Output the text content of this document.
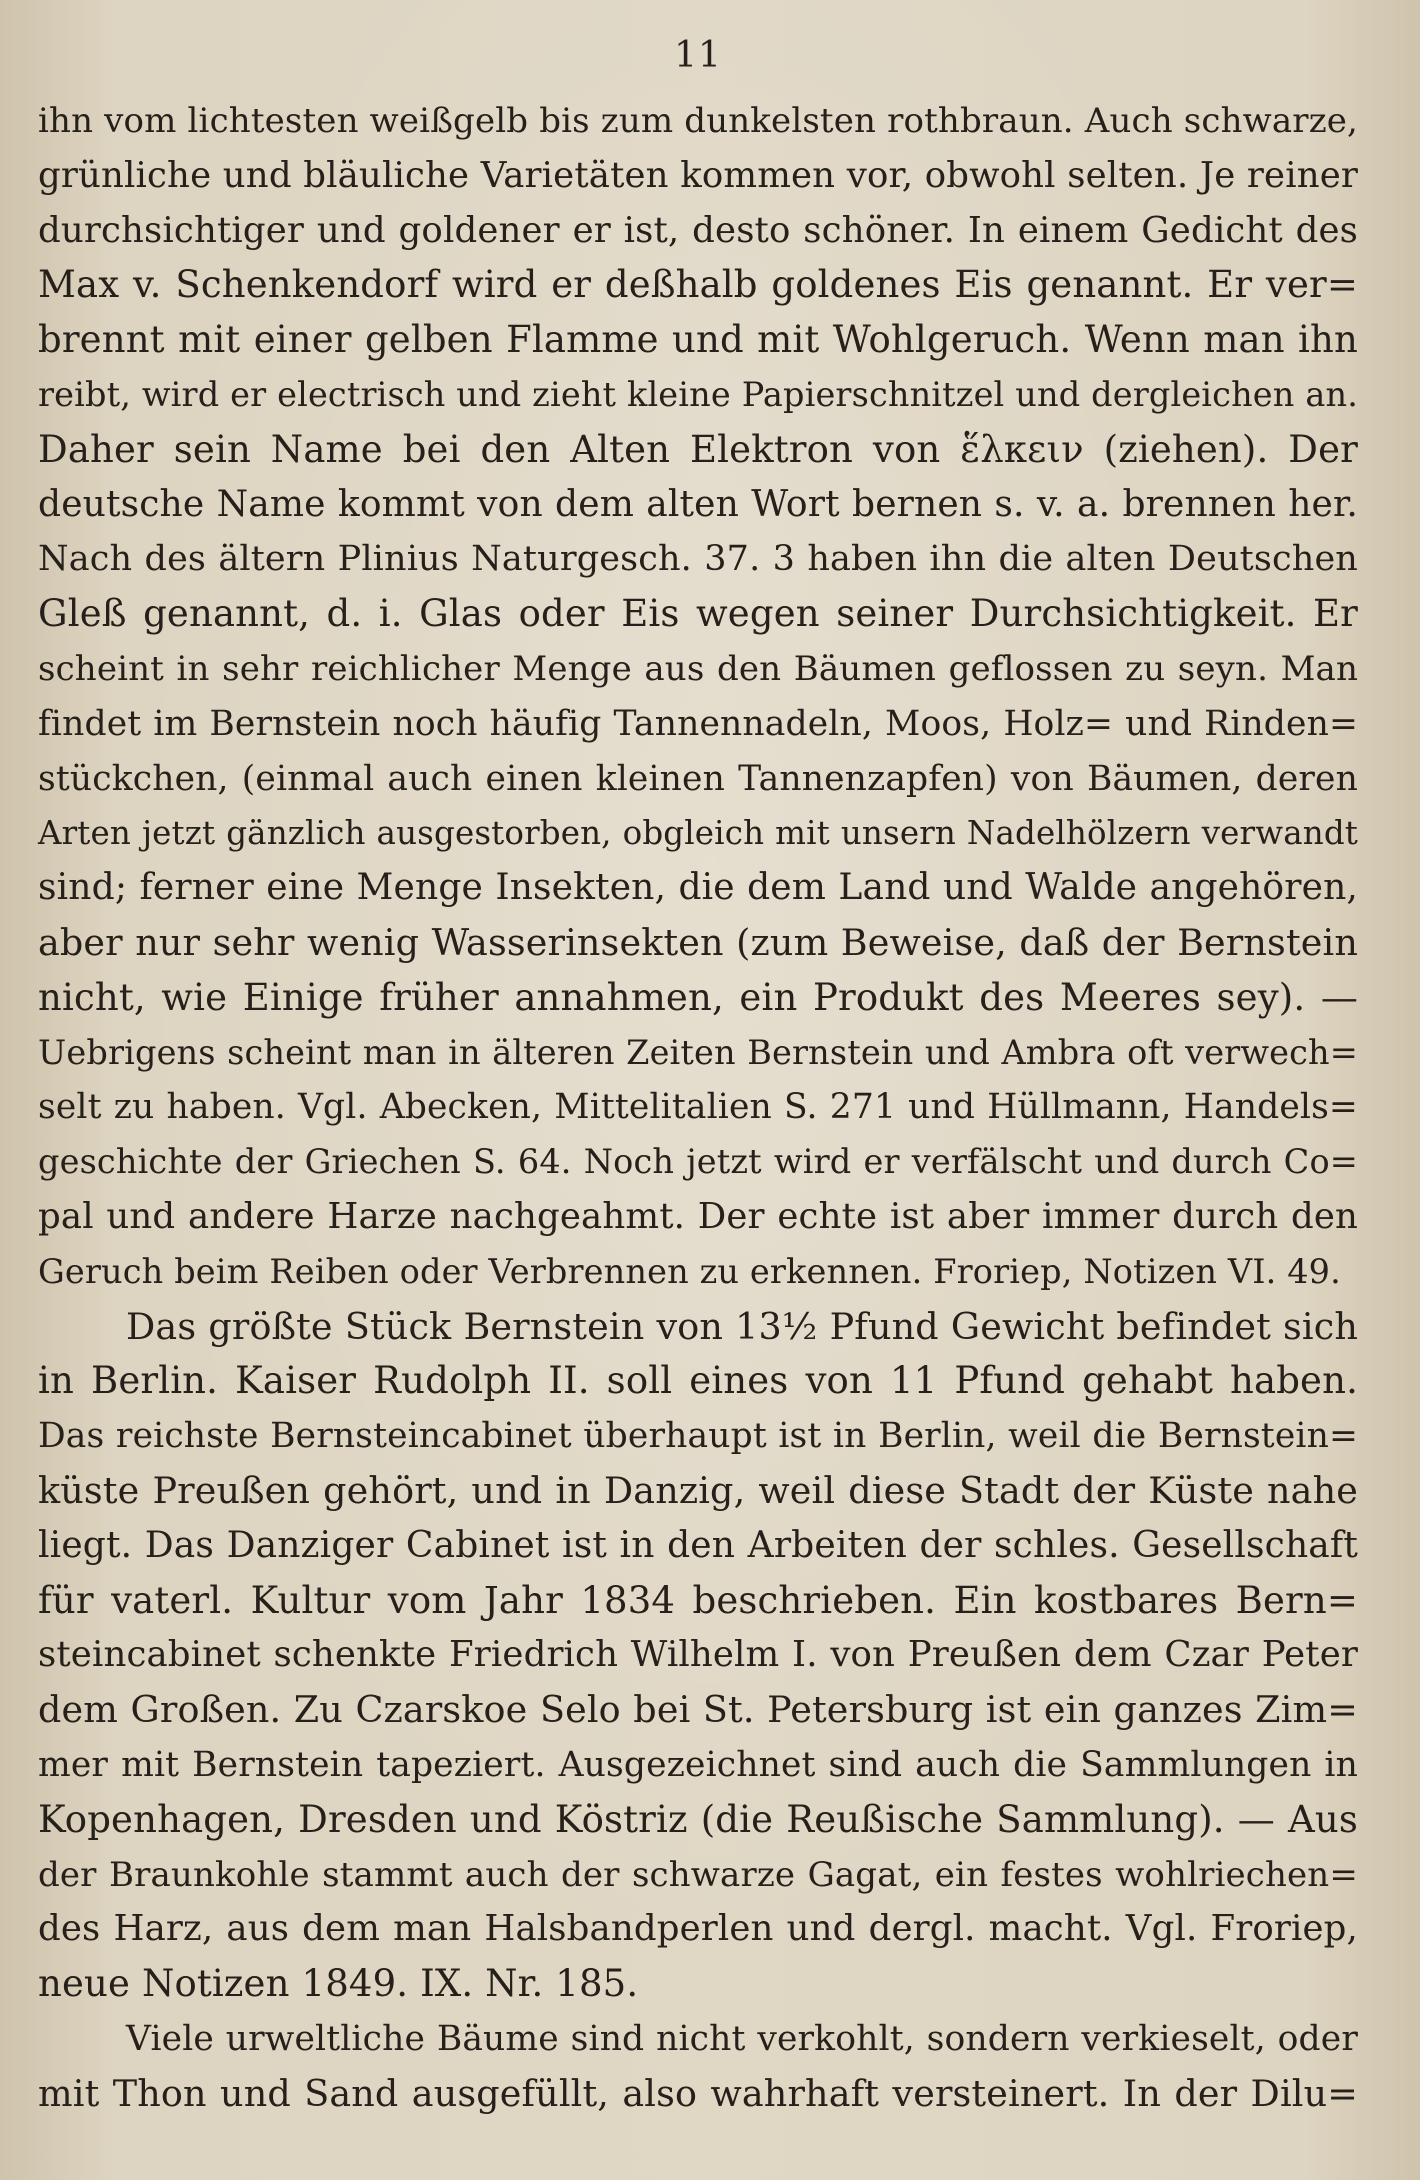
11
ihn vom lichtesten weißgelb bis zum dunkelsten rothbraun. Auch schwarze,
grünliche und bläuliche Varietäten kommen vor, obwohl selten. Je reiner
durchsichtiger und goldener er ist, desto schöner. In einem Gedicht des
Max v. Schenkendorf wird er deßhalb goldenes Eis genannt. Er ver=
brennt mit einer gelben Flamme und mit Wohlgeruch. Wenn man ihn
reibt, wird er electrisch und zieht kleine Papierschnitzel und dergleichen an.
Daher sein Name bei den Alten Elektron von ἕλκειν (ziehen). Der
deutsche Name kommt von dem alten Wort bernen s. v. a. brennen her.
Nach des ältern Plinius Naturgesch. 37. 3 haben ihn die alten Deutschen
Gleß genannt, d. i. Glas oder Eis wegen seiner Durchsichtigkeit. Er
scheint in sehr reichlicher Menge aus den Bäumen geflossen zu seyn. Man
findet im Bernstein noch häufig Tannennadeln, Moos, Holz= und Rinden=
stückchen, (einmal auch einen kleinen Tannenzapfen) von Bäumen, deren
Arten jetzt gänzlich ausgestorben, obgleich mit unsern Nadelhölzern verwandt
sind; ferner eine Menge Insekten, die dem Land und Walde angehören,
aber nur sehr wenig Wasserinsekten (zum Beweise, daß der Bernstein
nicht, wie Einige früher annahmen, ein Produkt des Meeres sey). —
Uebrigens scheint man in älteren Zeiten Bernstein und Ambra oft verwech=
selt zu haben. Vgl. Abecken, Mittelitalien S. 271 und Hüllmann, Handels=
geschichte der Griechen S. 64. Noch jetzt wird er verfälscht und durch Co=
pal und andere Harze nachgeahmt. Der echte ist aber immer durch den
Geruch beim Reiben oder Verbrennen zu erkennen. Froriep, Notizen VI. 49.
Das größte Stück Bernstein von 13½ Pfund Gewicht befindet sich
in Berlin. Kaiser Rudolph II. soll eines von 11 Pfund gehabt haben.
Das reichste Bernsteincabinet überhaupt ist in Berlin, weil die Bernstein=
küste Preußen gehört, und in Danzig, weil diese Stadt der Küste nahe
liegt. Das Danziger Cabinet ist in den Arbeiten der schles. Gesellschaft
für vaterl. Kultur vom Jahr 1834 beschrieben. Ein kostbares Bern=
steincabinet schenkte Friedrich Wilhelm I. von Preußen dem Czar Peter
dem Großen. Zu Czarskoe Selo bei St. Petersburg ist ein ganzes Zim=
mer mit Bernstein tapeziert. Ausgezeichnet sind auch die Sammlungen in
Kopenhagen, Dresden und Köstriz (die Reußische Sammlung). — Aus
der Braunkohle stammt auch der schwarze Gagat, ein festes wohlriechen=
des Harz, aus dem man Halsbandperlen und dergl. macht. Vgl. Froriep,
neue Notizen 1849. IX. Nr. 185.
Viele urweltliche Bäume sind nicht verkohlt, sondern verkieselt, oder
mit Thon und Sand ausgefüllt, also wahrhaft versteinert. In der Dilu=
